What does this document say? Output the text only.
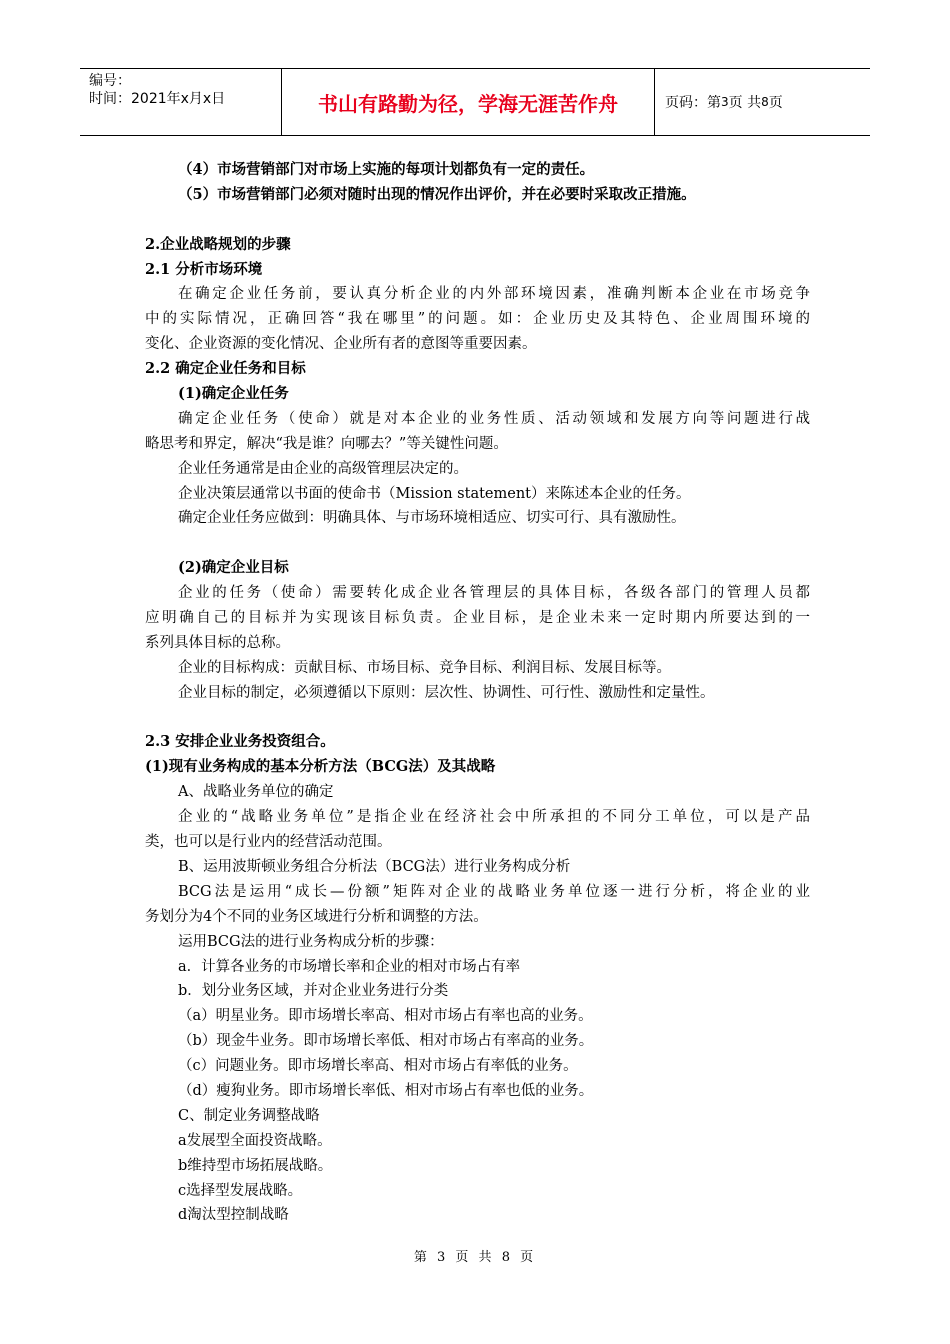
编号：
时间：2021年x月x日	书山有路勤为径，学海无涯苦作舟	页码：第 3 页 共 8 页
（4）市场营销部门对市场上实施的每项计划都负有一定的责任。
（5）市场营销部门必须对随时出现的情况作出评价，并在必要时采取改正措施。
2.企业战略规划的步骤
2.1 分析市场环境
在确定企业任务前，要认真分析企业的内外部环境因素，准确判断本企业在市场竞争
中的实际情况，正确回答“我在哪里”的问题。如：企业历史及其特色、企业周围环境的
变化、企业资源的变化情况、企业所有者的意图等重要因素。
2.2 确定企业任务和目标
(1)确定企业任务
确定企业任务（使命）就是对本企业的业务性质、活动领域和发展方向等问题进行战
略思考和界定，解决“我是谁？向哪去？”等关键性问题。
企业任务通常是由企业的高级管理层决定的。
企业决策层通常以书面的使命书（Mission statement）来陈述本企业的任务。
确定企业任务应做到：明确具体、与市场环境相适应、切实可行、具有激励性。
(2)确定企业目标
企业的任务（使命）需要转化成企业各管理层的具体目标，各级各部门的管理人员都
应明确自己的目标并为实现该目标负责。企业目标，是企业未来一定时期内所要达到的一
系列具体目标的总称。
企业的目标构成：贡献目标、市场目标、竞争目标、利润目标、发展目标等。
企业目标的制定，必须遵循以下原则：层次性、协调性、可行性、激励性和定量性。
2.3 安排企业业务投资组合。
(1)现有业务构成的基本分析方法（BCG法）及其战略
A、战略业务单位的确定
企业的“战略业务单位”是指企业在经济社会中所承担的不同分工单位，可以是产品
类，也可以是行业内的经营活动范围。
B、运用波斯顿业务组合分析法（BCG法）进行业务构成分析
BCG法是运用“成长—份额”矩阵对企业的战略业务单位逐一进行分析，将企业的业
务划分为4个不同的业务区域进行分析和调整的方法。
运用BCG法的进行业务构成分析的步骤：
a．计算各业务的市场增长率和企业的相对市场占有率
b．划分业务区域，并对企业业务进行分类
（a）明星业务。即市场增长率高、相对市场占有率也高的业务。
（b）现金牛业务。即市场增长率低、相对市场占有率高的业务。
（c）问题业务。即市场增长率高、相对市场占有率低的业务。
（d）瘦狗业务。即市场增长率低、相对市场占有率也低的业务。
C、制定业务调整战略
a发展型全面投资战略。
b维持型市场拓展战略。
c选择型发展战略。
d淘汰型控制战略
第 3 页 共 8 页
